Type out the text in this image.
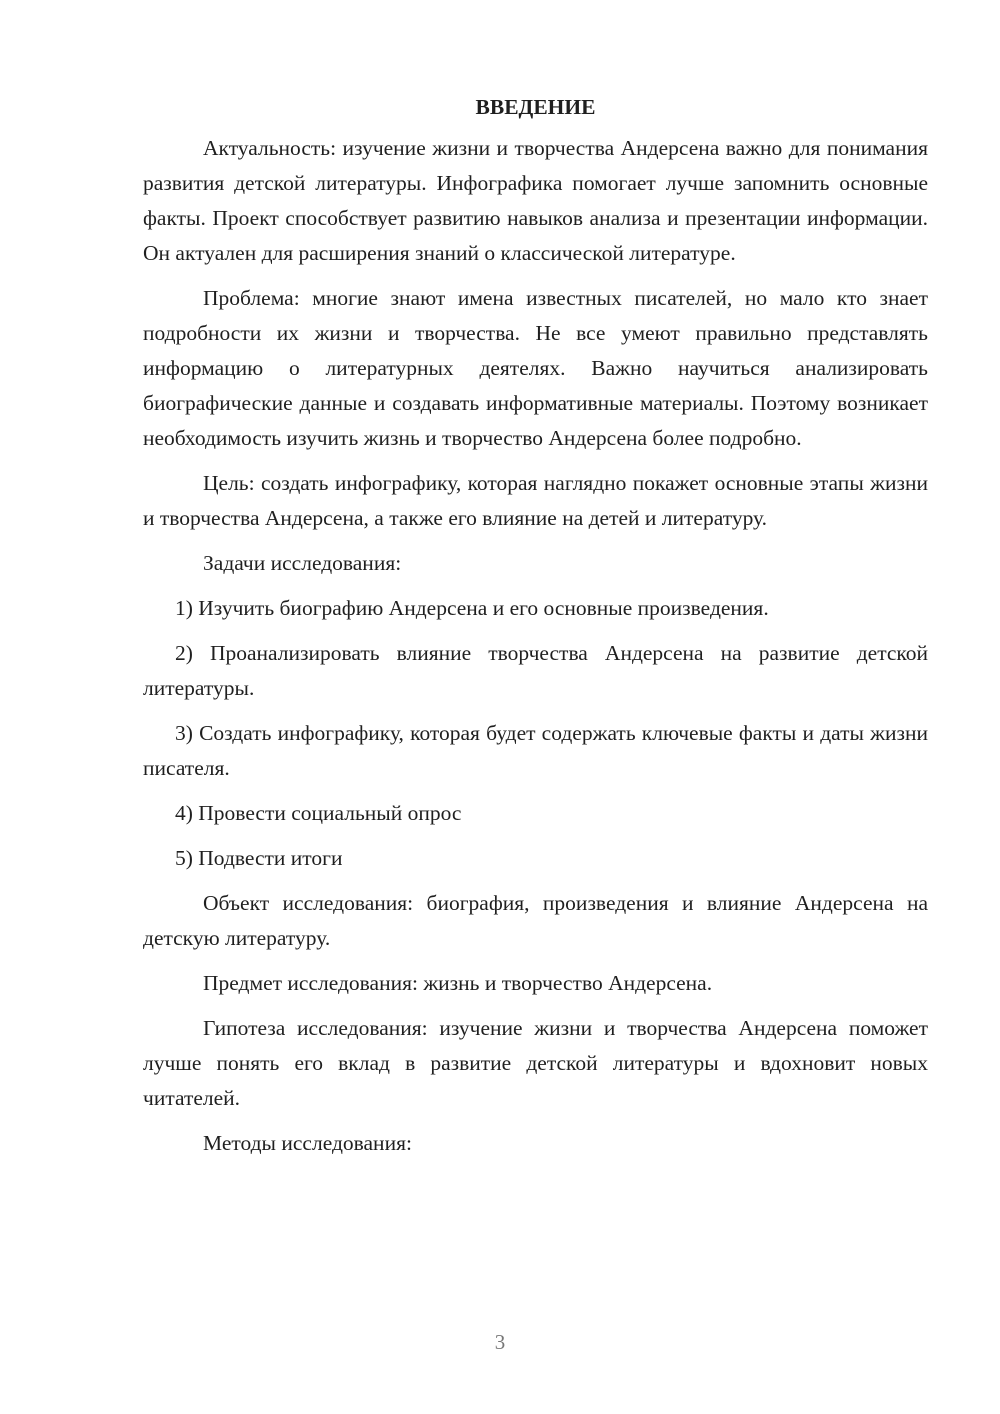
ВВЕДЕНИЕ

Актуальность: изучение жизни и творчества Андерсена важно для понимания развития детской литературы. Инфографика помогает лучше запомнить основные факты. Проект способствует развитию навыков анализа и презентации информации. Он актуален для расширения знаний о классической литературе.

Проблема: многие знают имена известных писателей, но мало кто знает подробности их жизни и творчества. Не все умеют правильно представлять информацию о литературных деятелях. Важно научиться анализировать биографические данные и создавать информативные материалы. Поэтому возникает необходимость изучить жизнь и творчество Андерсена более подробно.

Цель: создать инфографику, которая наглядно покажет основные этапы жизни и творчества Андерсена, а также его влияние на детей и литературу.

Задачи исследования:

1) Изучить биографию Андерсена и его основные произведения.

2) Проанализировать влияние творчества Андерсена на развитие детской литературы.

3) Создать инфографику, которая будет содержать ключевые факты и даты жизни писателя.

4) Провести социальный опрос

5) Подвести итоги

Объект исследования: биография, произведения и влияние Андерсена на детскую литературу.

Предмет исследования: жизнь и творчество Андерсена.

Гипотеза исследования: изучение жизни и творчества Андерсена поможет лучше понять его вклад в развитие детской литературы и вдохновит новых читателей.

Методы исследования:

3
